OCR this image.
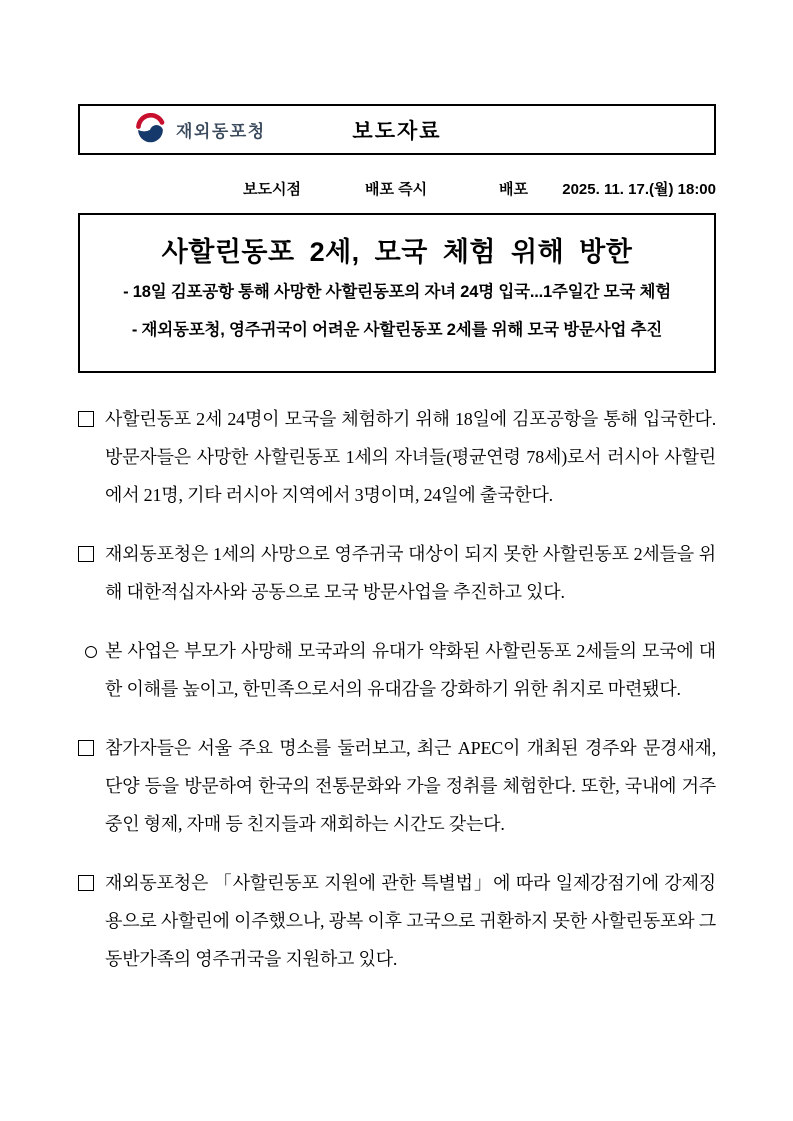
재외동포청	보도자료
보도시점	배포 즉시	배포 2025. 11. 17.(월) 18:00
사할린동포 2세, 모국 체험 위해 방한
- 18일 김포공항 통해 사망한 사할린동포의 자녀 24명 입국...1주일간 모국 체험
- 재외동포청, 영주귀국이 어려운 사할린동포 2세를 위해 모국 방문사업 추진
사할린동포 2세 24명이 모국을 체험하기 위해 18일에 김포공항을 통해 입국한다. 방문자들은 사망한 사할린동포 1세의 자녀들(평균연령 78세)로서 러시아 사할린에서 21명, 기타 러시아 지역에서 3명이며, 24일에 출국한다.
재외동포청은 1세의 사망으로 영주귀국 대상이 되지 못한 사할린동포 2세들을 위해 대한적십자사와 공동으로 모국 방문사업을 추진하고 있다.
본 사업은 부모가 사망해 모국과의 유대가 약화된 사할린동포 2세들의 모국에 대한 이해를 높이고, 한민족으로서의 유대감을 강화하기 위한 취지로 마련됐다.
참가자들은 서울 주요 명소를 둘러보고, 최근 APEC이 개최된 경주와 문경새재, 단양 등을 방문하여 한국의 전통문화와 가을 정취를 체험한다. 또한, 국내에 거주 중인 형제, 자매 등 친지들과 재회하는 시간도 갖는다.
재외동포청은 「사할린동포 지원에 관한 특별법」에 따라 일제강점기에 강제징용으로 사할린에 이주했으나, 광복 이후 고국으로 귀환하지 못한 사할린동포와 그 동반가족의 영주귀국을 지원하고 있다.
